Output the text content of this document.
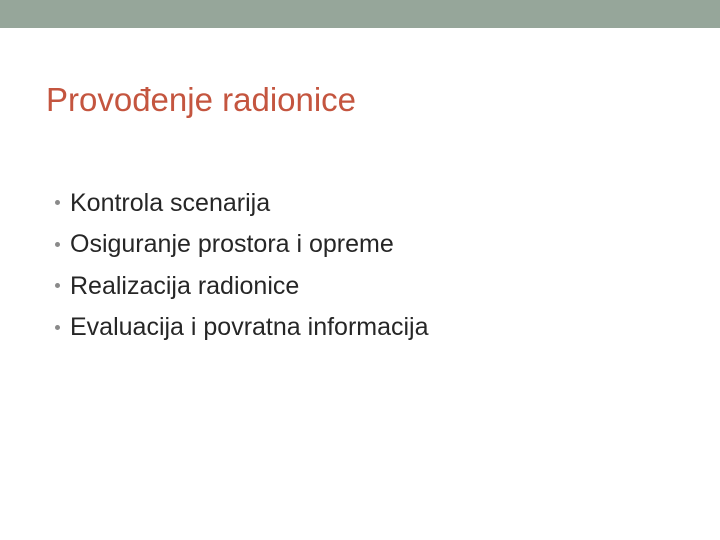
Provođenje radionice
Kontrola scenarija
Osiguranje prostora i opreme
Realizacija radionice
Evaluacija i povratna informacija
